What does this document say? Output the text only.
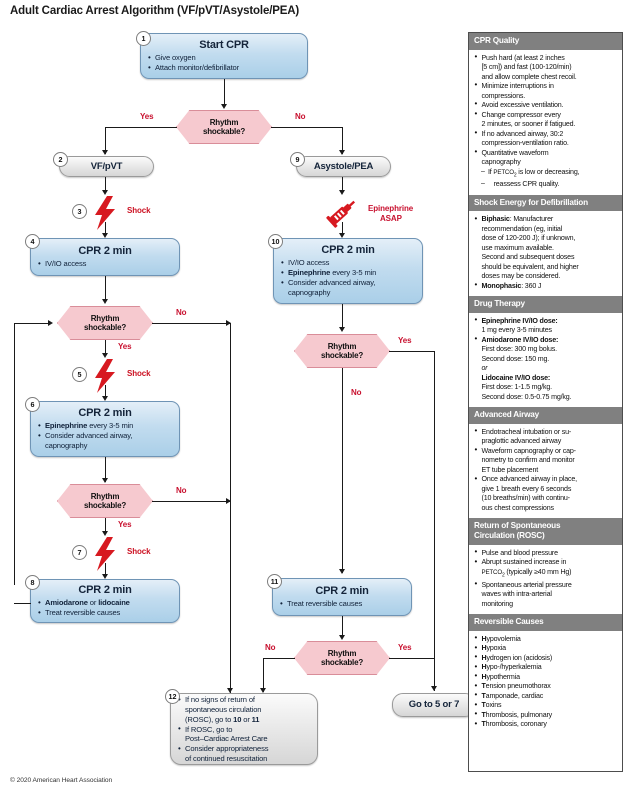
Adult Cardiac Arrest Algorithm (VF/pVT/Asystole/PEA)
© 2020 American Heart Association
Start CPR
• Give oxygen
• Attach monitor/defibrillator
1
Rhythm
shockable?
Yes	No
VF/pVT
2
Asystole/PEA
9
3	Shock	Epinephrine
ASAP
CPR 2 min
• IV/IO access
4
CPR 2 min
• IV/IO access
• Epinephrine every 3-5 min
• Consider advanced airway,
capnography
10
Rhythm
shockable?
No
Yes
5	Shock
CPR 2 min
• Epinephrine every 3-5 min
• Consider advanced airway,
capnography
6
Rhythm
shockable?
No
Yes
7	Shock
CPR 2 min
• Amiodarone or lidocaine
• Treat reversible causes
8
Rhythm
shockable?
Yes
No
CPR 2 min
• Treat reversible causes
11
Rhythm
shockable?
No	Yes
• If no signs of return of
spontaneous circulation
(ROSC), go to 10 or 11
• If ROSC, go to
Post–Cardiac Arrest Care
• Consider appropriateness
of continued resuscitation
12
Go to 5 or 7
CPR Quality
• Push hard (at least 2 inches
[5 cm]) and fast (100-120/min)
and allow complete chest recoil.
• Minimize interruptions in
compressions.
• Avoid excessive ventilation.
• Change compressor every
2 minutes, or sooner if fatigued.
• If no advanced airway, 30:2
compression-ventilation ratio.
• Quantitative waveform
capnography
– If $PETCO_2$ is low or decreasing,
– reassess CPR quality.
Shock Energy for Defibrillation
• Biphasic: Manufacturer
recommendation (eg, initial
dose of 120-200 J); if unknown,
use maximum available.
Second and subsequent doses
should be equivalent, and higher
doses may be considered.
• Monophasic: 360 J
Drug Therapy
• Epinephrine IV/IO dose:
1 mg every 3-5 minutes
• Amiodarone IV/IO dose:
First dose: 300 mg bolus.
Second dose: 150 mg.
or
Lidocaine IV/IO dose:
First dose: 1-1.5 mg/kg.
Second dose: 0.5-0.75 mg/kg.
Advanced Airway
• Endotracheal intubation or su-
praglottic advanced airway
• Waveform capnography or cap-
nometry to confirm and monitor
ET tube placement
• Once advanced airway in place,
give 1 breath every 6 seconds
(10 breaths/min) with continu-
ous chest compressions
Return of Spontaneous
Circulation (ROSC)
• Pulse and blood pressure
• Abrupt sustained increase in
$PETCO_2$ (typically ≥40 mm Hg)
• Spontaneous arterial pressure
waves with intra-arterial
monitoring
Reversible Causes
• Hypovolemia
• Hypoxia
• Hydrogen ion (acidosis)
• Hypo-/hyperkalemia
• Hypothermia
• Tension pneumothorax
• Tamponade, cardiac
• Toxins
• Thrombosis, pulmonary
• Thrombosis, coronary
